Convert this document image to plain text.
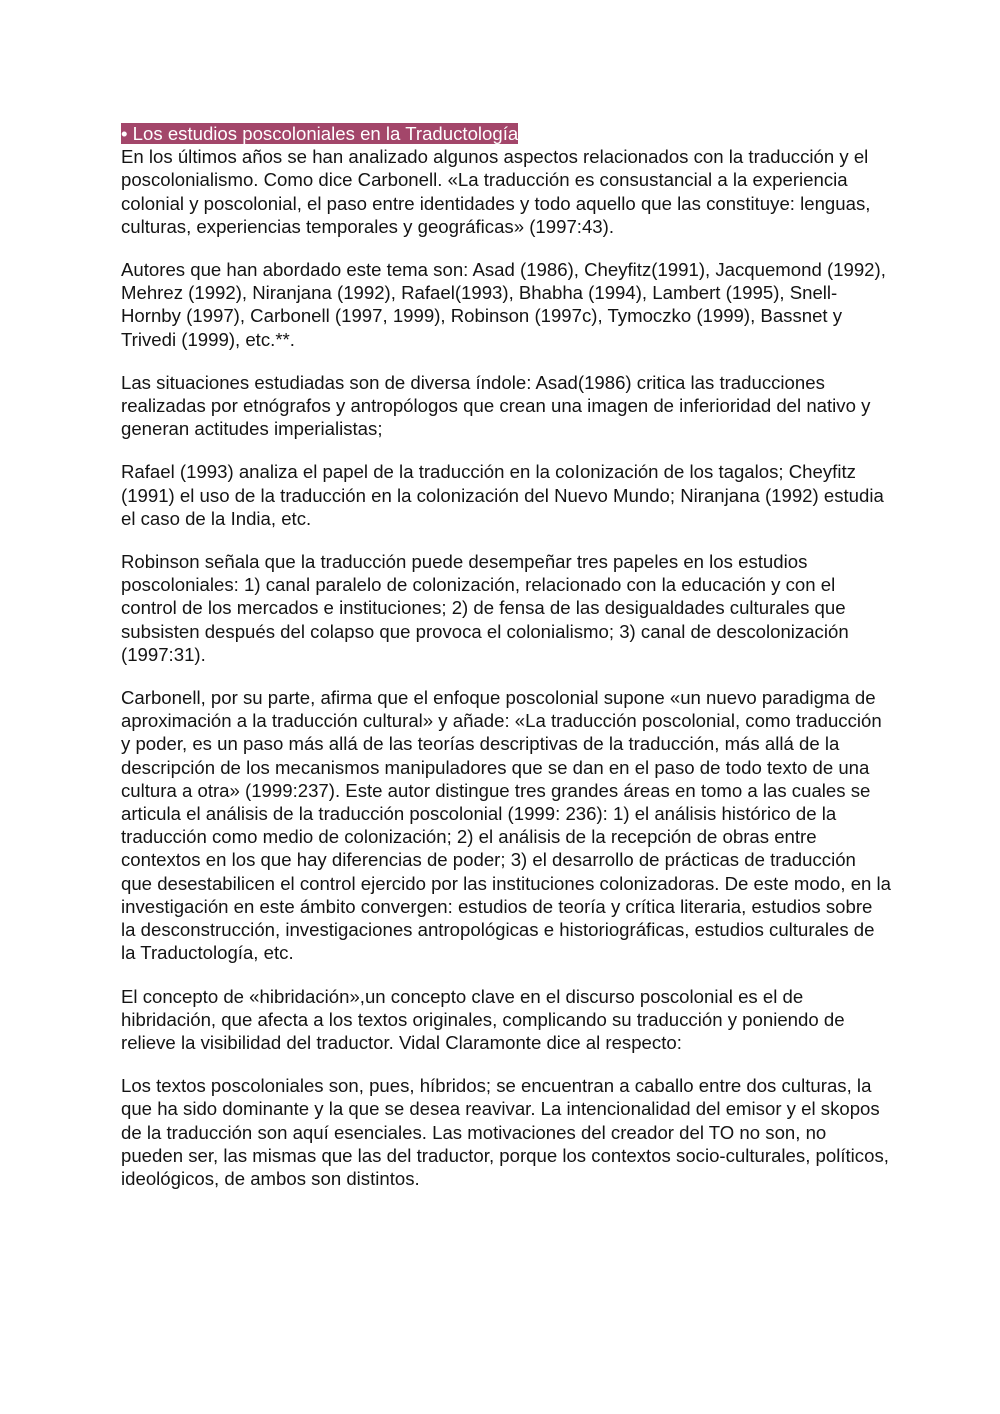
• Los estudios poscoloniales en la Traductología

En los últimos años se han analizado algunos aspectos relacionados con la traducción y el poscolonialismo. Como dice Carbonell. «La traducción es consustancial a la experiencia colonial y poscolonial, el paso entre identidades y todo aquello que las constituye: lenguas, culturas, experiencias temporales y geográficas» (1997:43).

Autores que han abordado este tema son: Asad (1986), Cheyfitz(1991), Jacquemond (1992), Mehrez (1992), Niranjana (1992), Rafael(1993), Bhabha (1994), Lambert (1995), Snell-Hornby (1997), Carbonell (1997, 1999), Robinson (1997c), Tymoczko (1999), Bassnet y Trivedi (1999), etc.**.

Las situaciones estudiadas son de diversa índole: Asad(1986) critica las traducciones realizadas por etnógrafos y antropólogos que crean una imagen de inferioridad del nativo y generan actitudes imperialistas;

Rafael (1993) analiza el papel de la traducción en la coIonización de los tagalos; Cheyfitz (1991) el uso de la traducción en la colonización del Nuevo Mundo; Niranjana (1992) estudia el caso de la India, etc.

Robinson señala que la traducción puede desempeñar tres papeles en los estudios poscoloniales: 1) canal paralelo de colonización, relacionado con la educación y con el control de los mercados e instituciones; 2) de fensa de las desigualdades culturales que subsisten después del colapso que provoca el colonialismo; 3) canal de descolonización (1997:31).

Carbonell, por su parte, afirma que el enfoque poscolonial supone «un nuevo paradigma de aproximación a la traducción cultural» y añade: «La traducción poscolonial, como traducción y poder, es un paso más allá de las teorías descriptivas de la traducción, más allá de la descripción de los mecanismos manipuladores que se dan en el paso de todo texto de una cultura a otra» (1999:237). Este autor distingue tres grandes áreas en tomo a las cuales se articula el análisis de la traducción poscolonial (1999: 236): 1) el análisis histórico de la traducción como medio de colonización; 2) el análisis de la recepción de obras entre contextos en los que hay diferencias de poder; 3) el desarrollo de prácticas de traducción que desestabilicen el control ejercido por las instituciones colonizadoras. De este modo, en la investigación en este ámbito convergen: estudios de teoría y crítica literaria, estudios sobre la desconstrucción, investigaciones antropológicas e historiográficas, estudios culturales de la Traductología, etc.

El concepto de «hibridación»,un concepto clave en el discurso poscolonial es el de hibridación, que afecta a los textos originales, complicando su traducción y poniendo de relieve la visibilidad del traductor. Vidal Claramonte dice al respecto:

Los textos poscoloniales son, pues, híbridos; se encuentran a caballo entre dos culturas, la que ha sido dominante y la que se desea reavivar. La intencionalidad del emisor y el skopos de la traducción son aquí esenciales. Las motivaciones del creador del TO no son, no pueden ser, las mismas que las del traductor, porque los contextos socio-culturales, políticos, ideológicos, de ambos son distintos.
